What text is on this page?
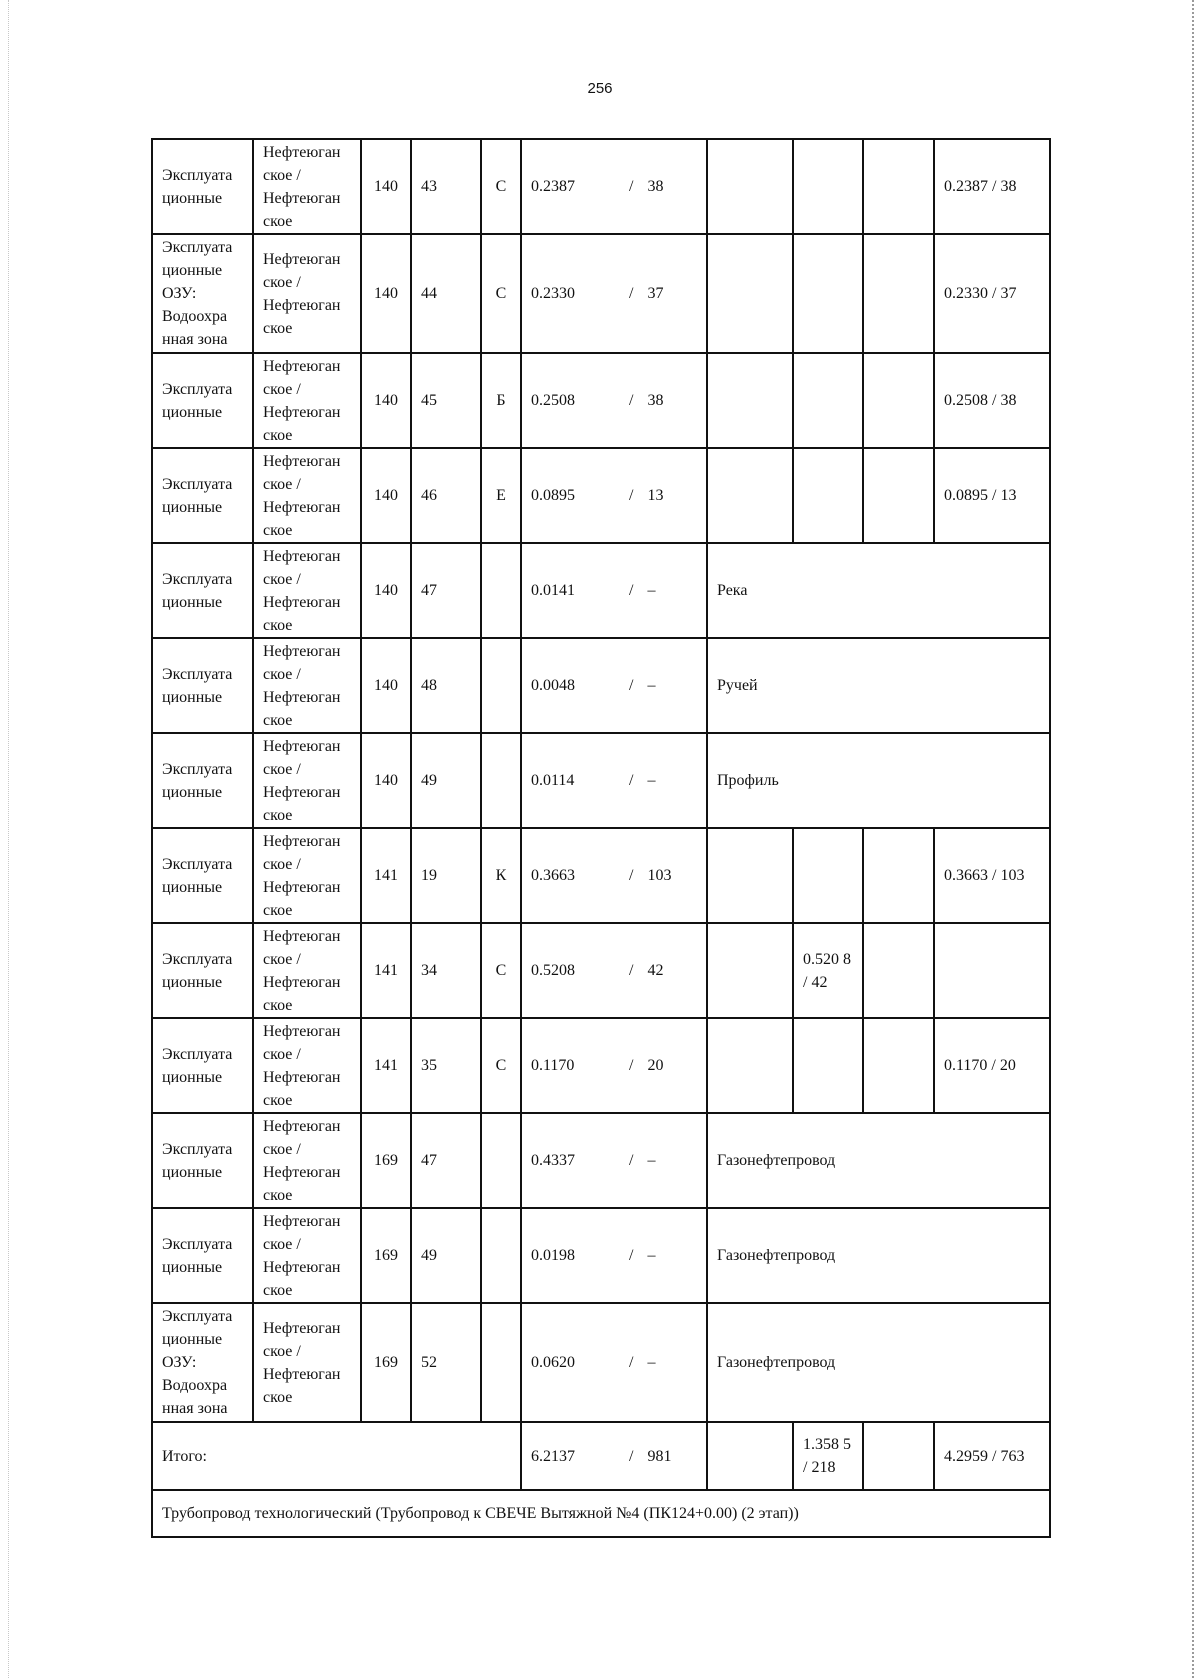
256
Эксплуата ционные	Нефтеюган ское / Нефтеюган ское	140	43	С	0.2387 / 38				0.2387 / 38
Эксплуата ционные ОЗУ: Водоохра нная зона	Нефтеюган ское / Нефтеюган ское	140	44	С	0.2330 / 37				0.2330 / 37
Эксплуата ционные	Нефтеюган ское / Нефтеюган ское	140	45	Б	0.2508 / 38				0.2508 / 38
Эксплуата ционные	Нефтеюган ское / Нефтеюган ское	140	46	Е	0.0895 / 13				0.0895 / 13
Эксплуата ционные	Нефтеюган ское / Нефтеюган ское	140	47		0.0141 / –	Река			
Эксплуата ционные	Нефтеюган ское / Нефтеюган ское	140	48		0.0048 / –	Ручей			
Эксплуата ционные	Нефтеюган ское / Нефтеюган ское	140	49		0.0114 / –	Профиль			
Эксплуата ционные	Нефтеюган ское / Нефтеюган ское	141	19	К	0.3663 / 103				0.3663 / 103
Эксплуата ционные	Нефтеюган ское / Нефтеюган ское	141	34	С	0.5208 / 42		0.520 8 / 42		
Эксплуата ционные	Нефтеюган ское / Нефтеюган ское	141	35	С	0.1170 / 20				0.1170 / 20
Эксплуата ционные	Нефтеюган ское / Нефтеюган ское	169	47		0.4337 / –	Газонефтепровод			
Эксплуата ционные	Нефтеюган ское / Нефтеюган ское	169	49		0.0198 / –	Газонефтепровод			
Эксплуата ционные ОЗУ: Водоохра нная зона	Нефтеюган ское / Нефтеюган ское	169	52		0.0620 / –	Газонефтепровод			
Итого:					6.2137 / 981		1.358 5 / 218		4.2959 / 763
Трубопровод технологический (Трубопровод к СВЕЧЕ Вытяжной №4 (ПК124+0.00) (2 этап))									
